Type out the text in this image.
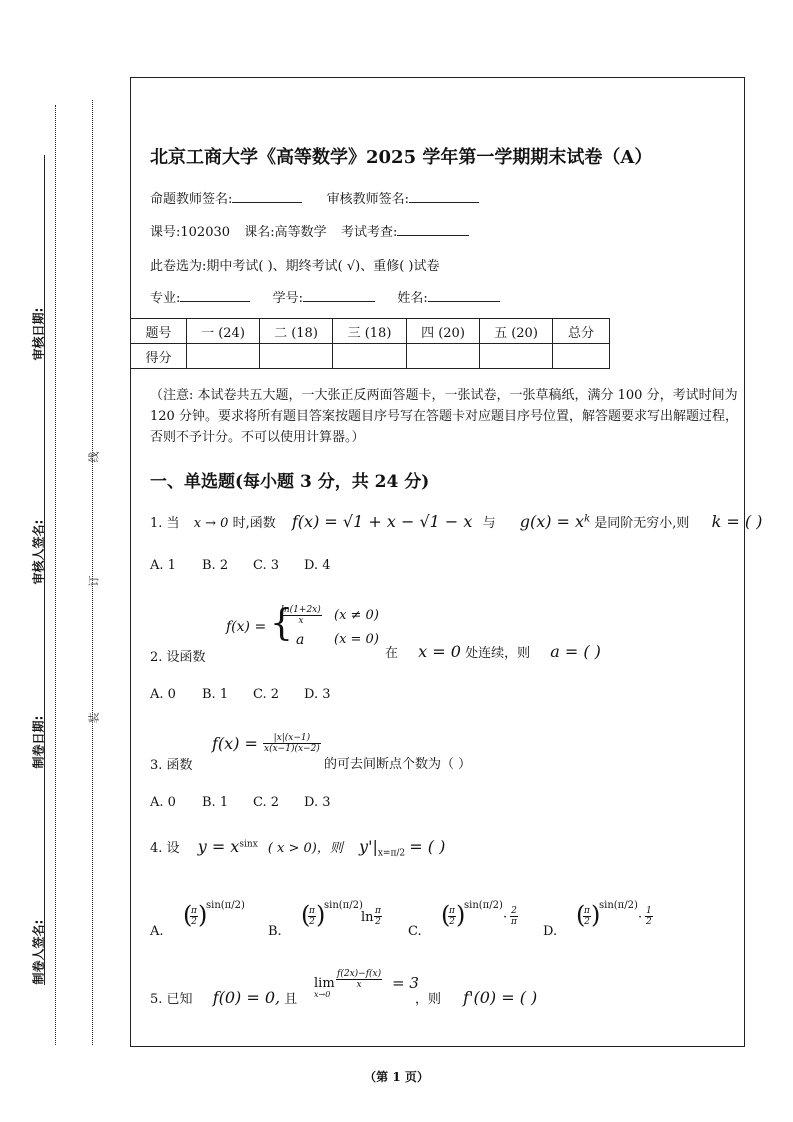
审核日期:
审核人签名:
制卷日期:
制卷人签名:
线
订
装
北京工商大学《高等数学》2025 学年第一学期期末试卷（A）
命题教师签名:	审核教师签名:
课号:102030 课名:高等数学 考试考查:
此卷选为:期中考试( )、期终考试( √)、重修( )试卷
专业:	学号:	姓名:
题号	一 (24)	二 (18)	三 (18)	四 (20)	五 (20)	总分
得分						
（注意: 本试卷共五大题，一大张正反两面答题卡，一张试卷，一张草稿纸，满分 100 分，考试时间为 120 分钟。要求将所有题目答案按题目序号写在答题卡对应题目序号位置，解答题要求写出解题过程，否则不予计分。不可以使用计算器。）
一、单选题(每小题 3 分，共 24 分)
1. 当 x → 0 时,函数 f(x) = √1 + x − √1 − x 与 $g(x) = x^k$ 是同阶无穷小,则 k = ( )
A. 1 B. 2 C. 3 D. 4
f(x) = {
$\frac{\ln(1+2x)}{x} (x \ne 0)$
a (x = 0)
2. 设函数	在 x = 0 处连续，则 a = ( )
A. 0 B. 1 C. 2 D. 3
3. 函数
$f(x) = \frac{|x|(x-1)}{x(x-1)(x-2)}$
的可去间断点个数为（ ）
A. 0 B. 1 C. 2 D. 3
4. 设 $y = x^{sinx}$ ( x > 0)，则 $y'|_{x=\pi/2}$ = ( )
A.
(
$\frac{\pi}{2}$ )
sin(π/2)
B.
(
$\frac{\pi}{2}$ )
sin(π/2)
$\ln \frac{\pi}{2}$
C.
(
$\frac{\pi}{2}$ )
sin(π/2)
· $\frac{2}{\pi}$
D.
(
$\frac{\pi}{2}$ )
sin(π/2)
· $\frac{1}{2}$
5. 已知 f(0) = 0, 且
lim
x→0
$\frac{f(2x)-f(x)}{x} = 3$
，则 f'(0) = ( )
（第 1 页）
